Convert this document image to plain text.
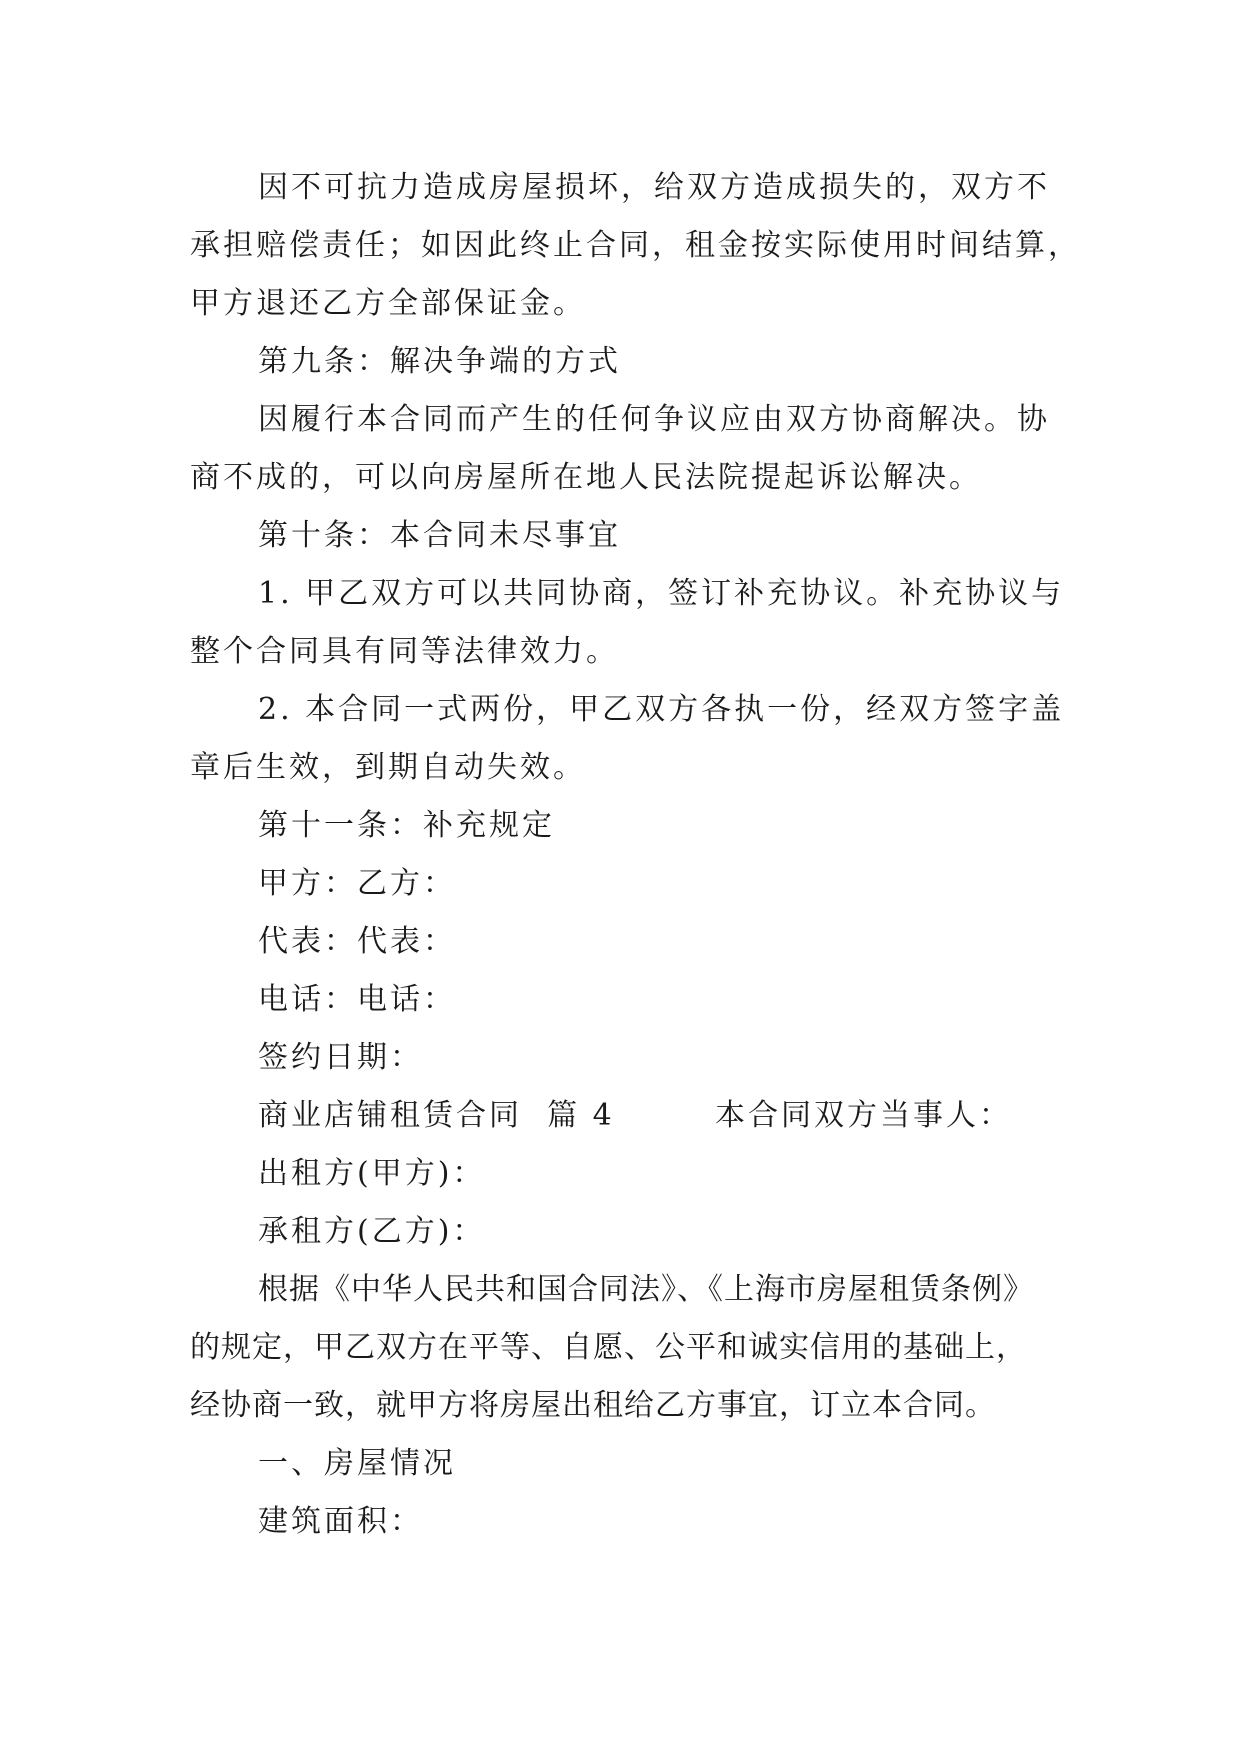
因不可抗力造成房屋损坏，给双方造成损失的，双方不

承担赔偿责任；如因此终止合同，租金按实际使用时间结算，

甲方退还乙方全部保证金。

第九条：解决争端的方式

因履行本合同而产生的任何争议应由双方协商解决。协

商不成的，可以向房屋所在地人民法院提起诉讼解决。

第十条：本合同未尽事宜

1. 甲乙双方可以共同协商，签订补充协议。补充协议与

整个合同具有同等法律效力。

2. 本合同一式两份，甲乙双方各执一份，经双方签字盖

章后生效，到期自动失效。

第十一条：补充规定

甲方：乙方：

代表：代表：

电话：电话：

签约日期：

商业店铺租赁合同  篇 4        本合同双方当事人：

出租方(甲方)：

承租方(乙方)：

根据《中华人民共和国合同法》、《上海市房屋租赁条例》

的规定，甲乙双方在平等、自愿、公平和诚实信用的基础上，

经协商一致，就甲方将房屋出租给乙方事宜，订立本合同。

一、房屋情况

建筑面积：
